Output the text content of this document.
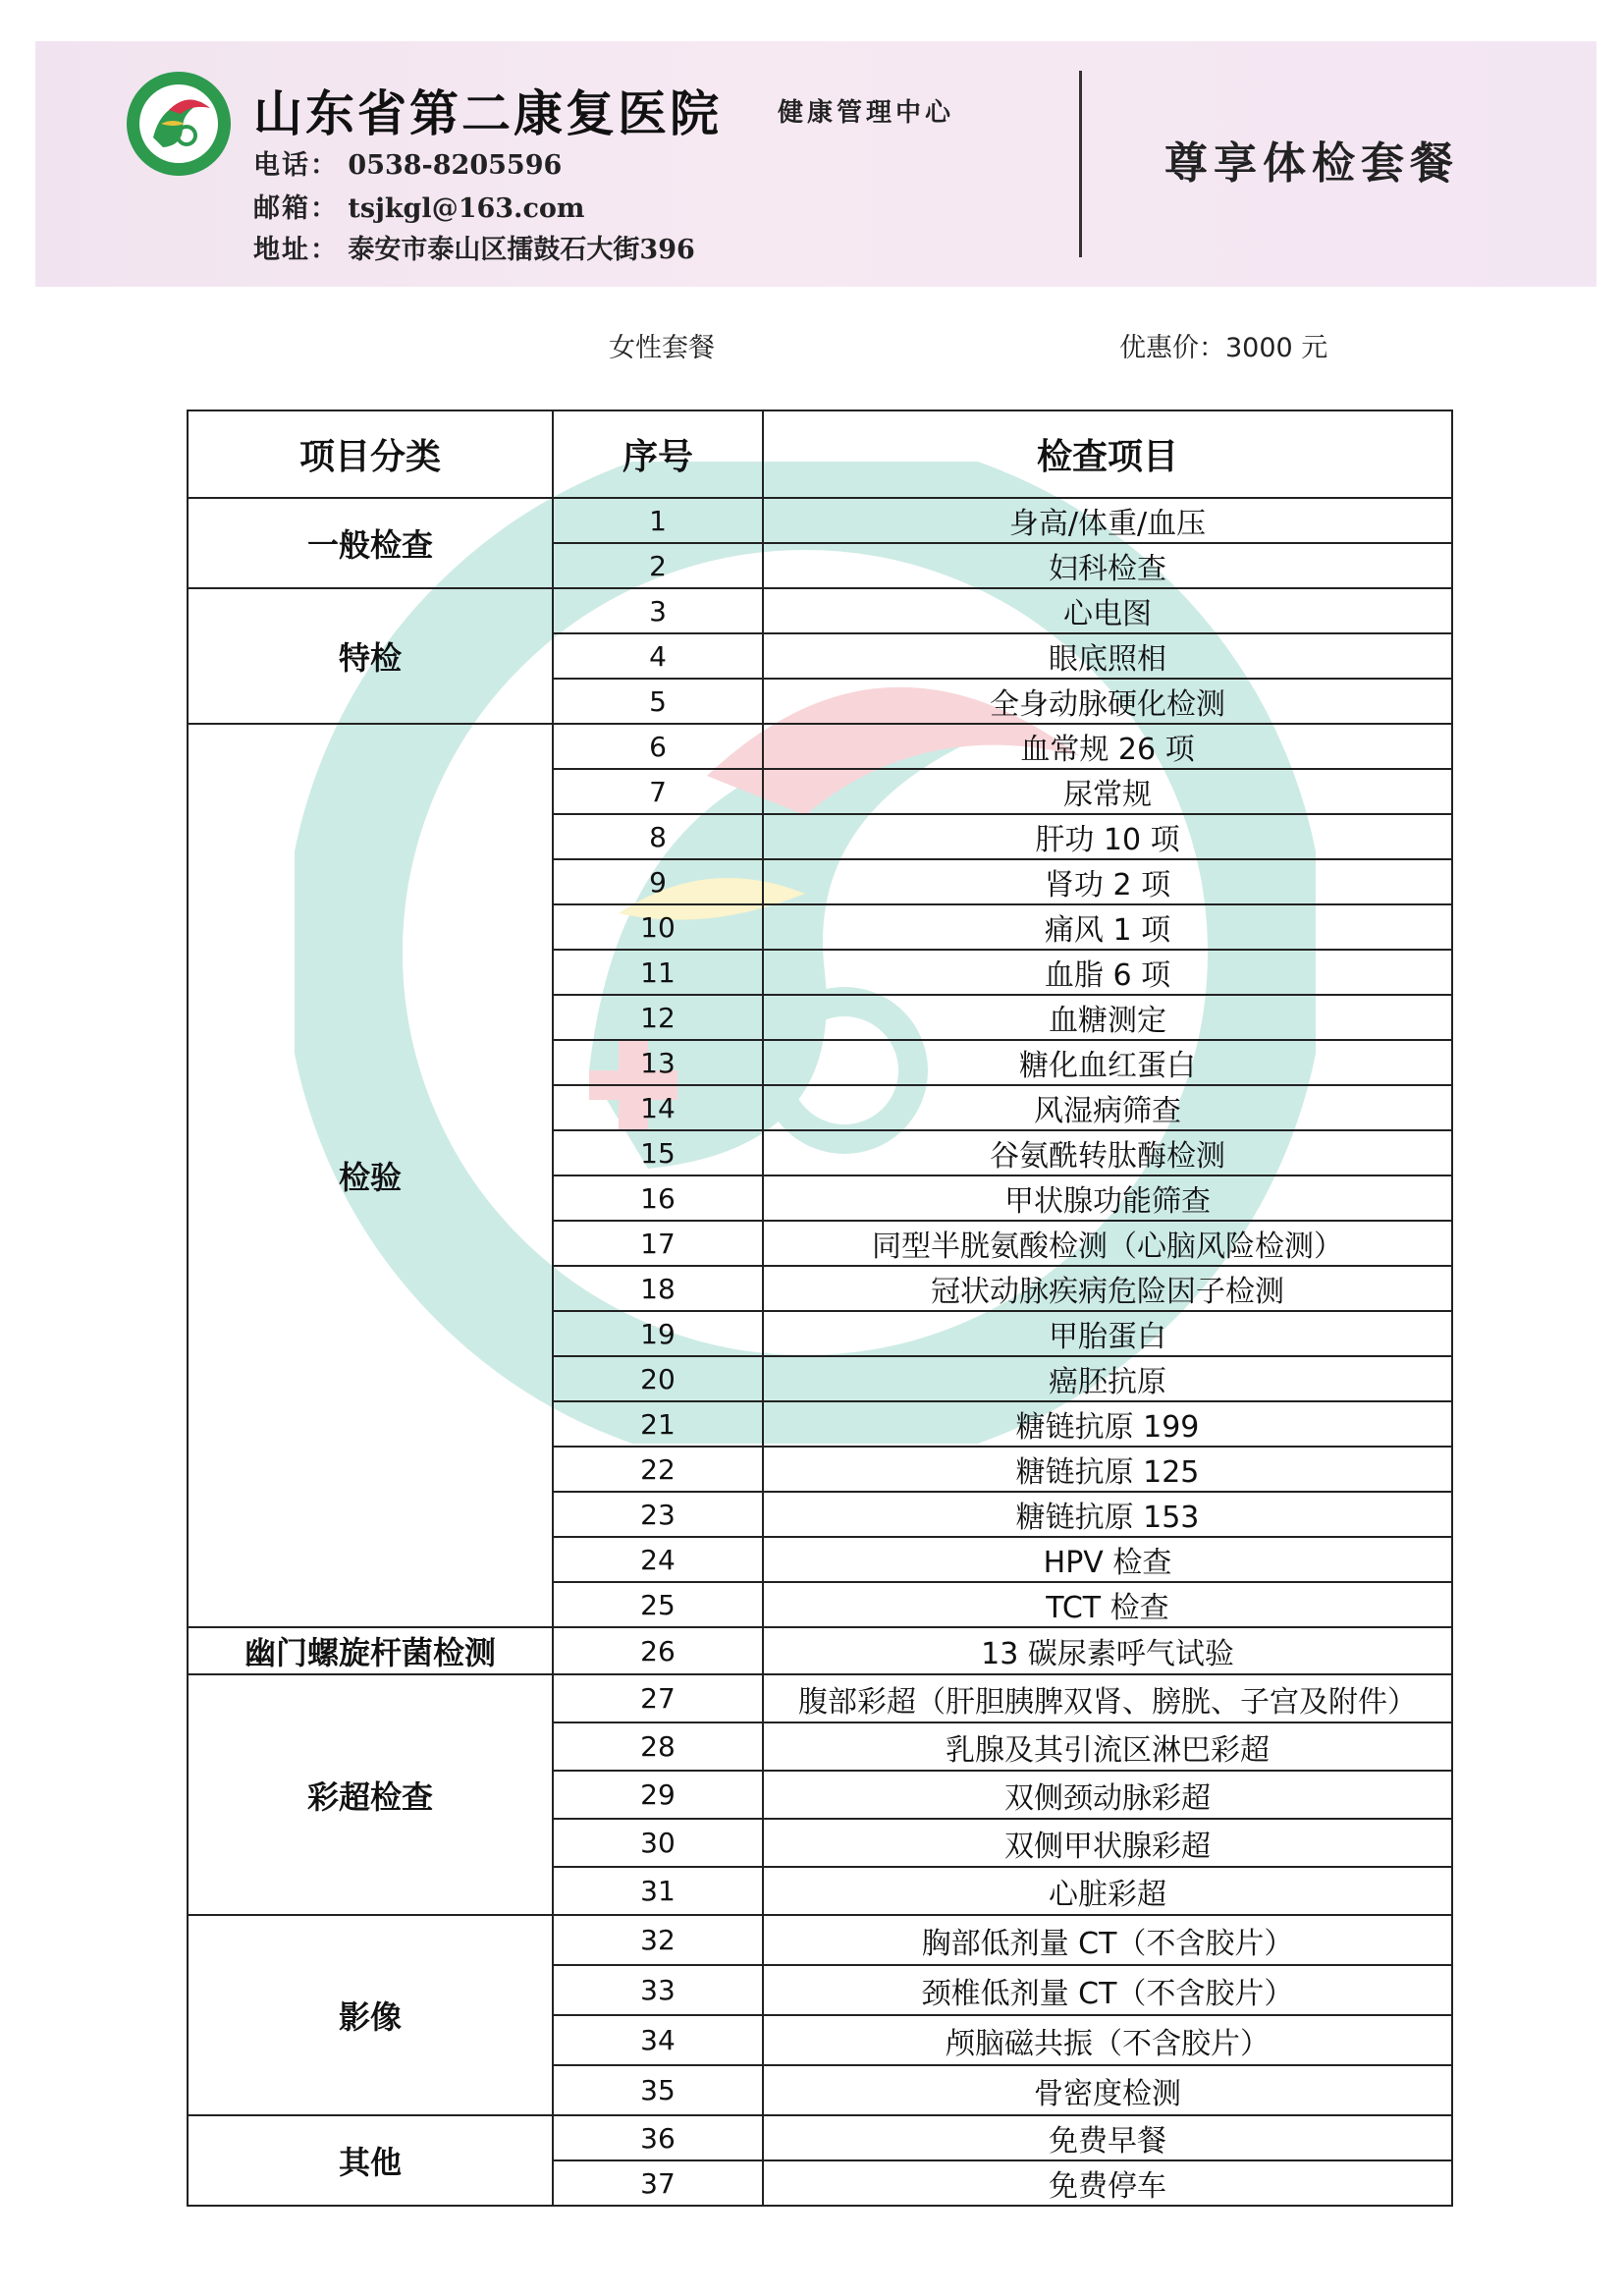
山东省第二康复医院 健康管理中心
电话： 0538-8205596
邮箱： tsjkgl@163.com
地址： 泰安市泰山区擂鼓石大街396
尊享体检套餐
女性套餐	优惠价：3000 元
项目分类	序号	检查项目
一般检查	1	身高/体重/血压
	2	妇科检查
特检	3	心电图
	4	眼底照相
	5	全身动脉硬化检测
检验	6	血常规 26 项
	7	尿常规
	8	肝功 10 项
	9	肾功 2 项
	10	痛风 1 项
	11	血脂 6 项
	12	血糖测定
	13	糖化血红蛋白
	14	风湿病筛查
	15	谷氨酰转肽酶检测
	16	甲状腺功能筛查
	17	同型半胱氨酸检测（心脑风险检测）
	18	冠状动脉疾病危险因子检测
	19	甲胎蛋白
	20	癌胚抗原
	21	糖链抗原 199
	22	糖链抗原 125
	23	糖链抗原 153
	24	HPV 检查
	25	TCT 检查
幽门螺旋杆菌检测	26	13 碳尿素呼气试验
彩超检查	27	腹部彩超（肝胆胰脾双肾、膀胱、子宫及附件）
	28	乳腺及其引流区淋巴彩超
	29	双侧颈动脉彩超
	30	双侧甲状腺彩超
	31	心脏彩超
影像	32	胸部低剂量 CT（不含胶片）
	33	颈椎低剂量 CT（不含胶片）
	34	颅脑磁共振（不含胶片）
	35	骨密度检测
其他	36	免费早餐
	37	免费停车
